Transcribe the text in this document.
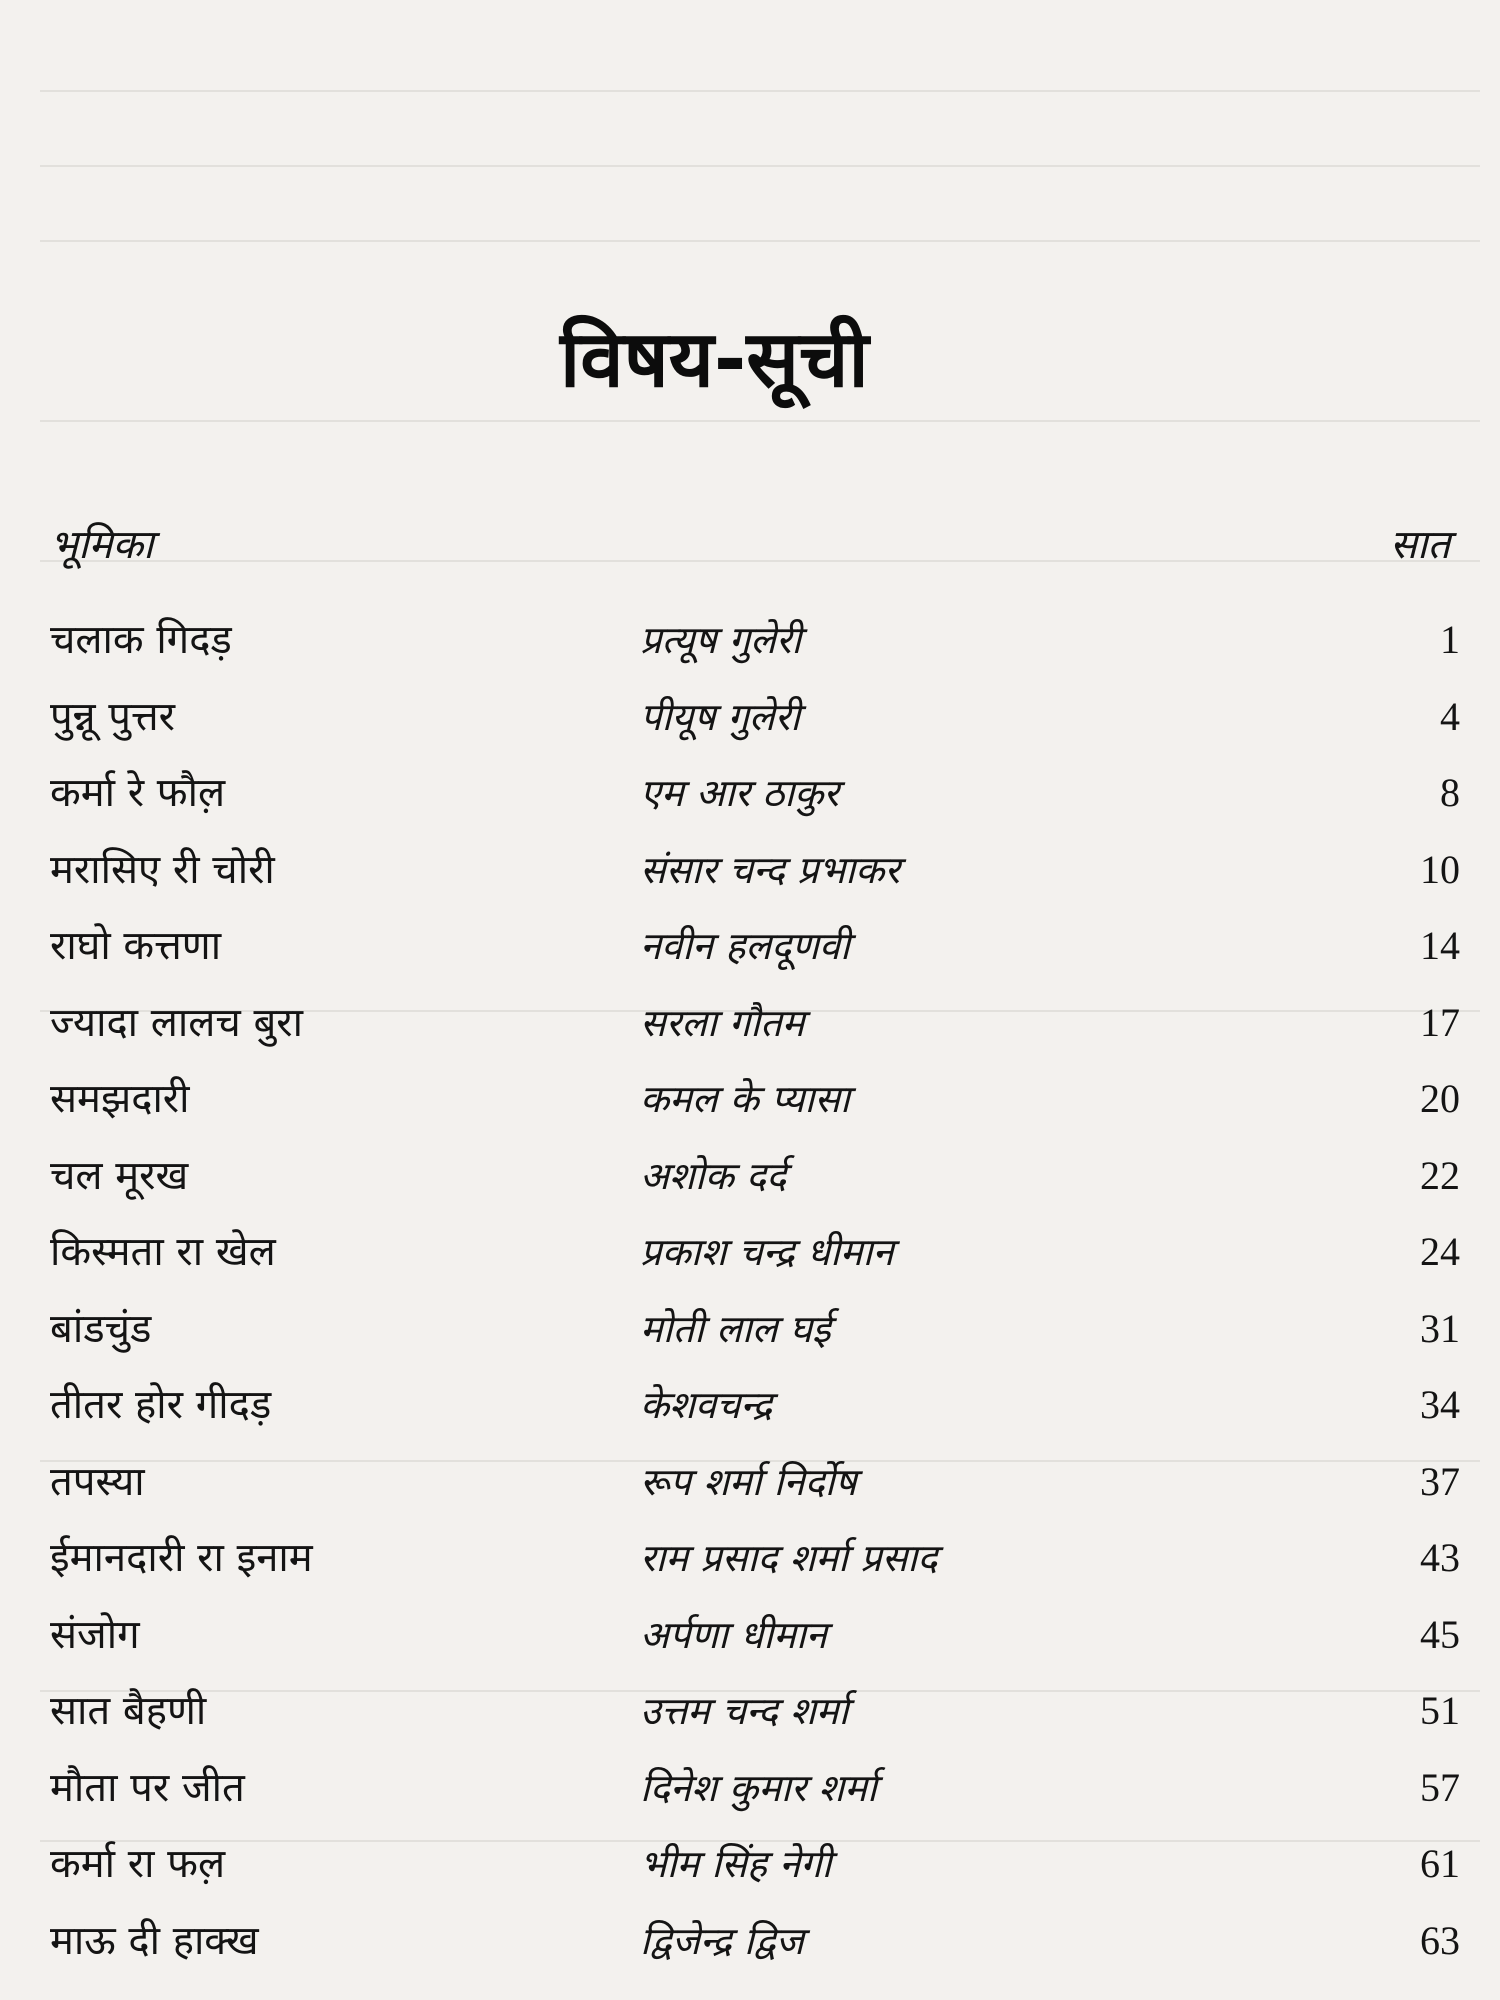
विषय-सूची
भूमिका	सात
चलाक गिदड़	प्रत्यूष गुलेरी	1
पुन्नू पुत्तर	पीयूष गुलेरी	4
कर्मा रे फौल़	एम आर ठाकुर	8
मरासिए री चोरी	संसार चन्द प्रभाकर	10
राघो कत्तणा	नवीन हलदूणवी	14
ज्यादा लालच बुरा	सरला गौतम	17
समझदारी	कमल के प्यासा	20
चल मूरख	अशोक दर्द	22
किस्मता रा खेल	प्रकाश चन्द्र धीमान	24
बांडचुंड	मोती लाल घई	31
तीतर होर गीदड़	केशवचन्द्र	34
तपस्या	रूप शर्मा निर्दोष	37
ईमानदारी रा इनाम	राम प्रसाद शर्मा प्रसाद	43
संजोग	अर्पणा धीमान	45
सात बैहणी	उत्तम चन्द शर्मा	51
मौता पर जीत	दिनेश कुमार शर्मा	57
कर्मा रा फल़	भीम सिंह नेगी	61
माऊ दी हाक्ख	द्विजेन्द्र द्विज	63
